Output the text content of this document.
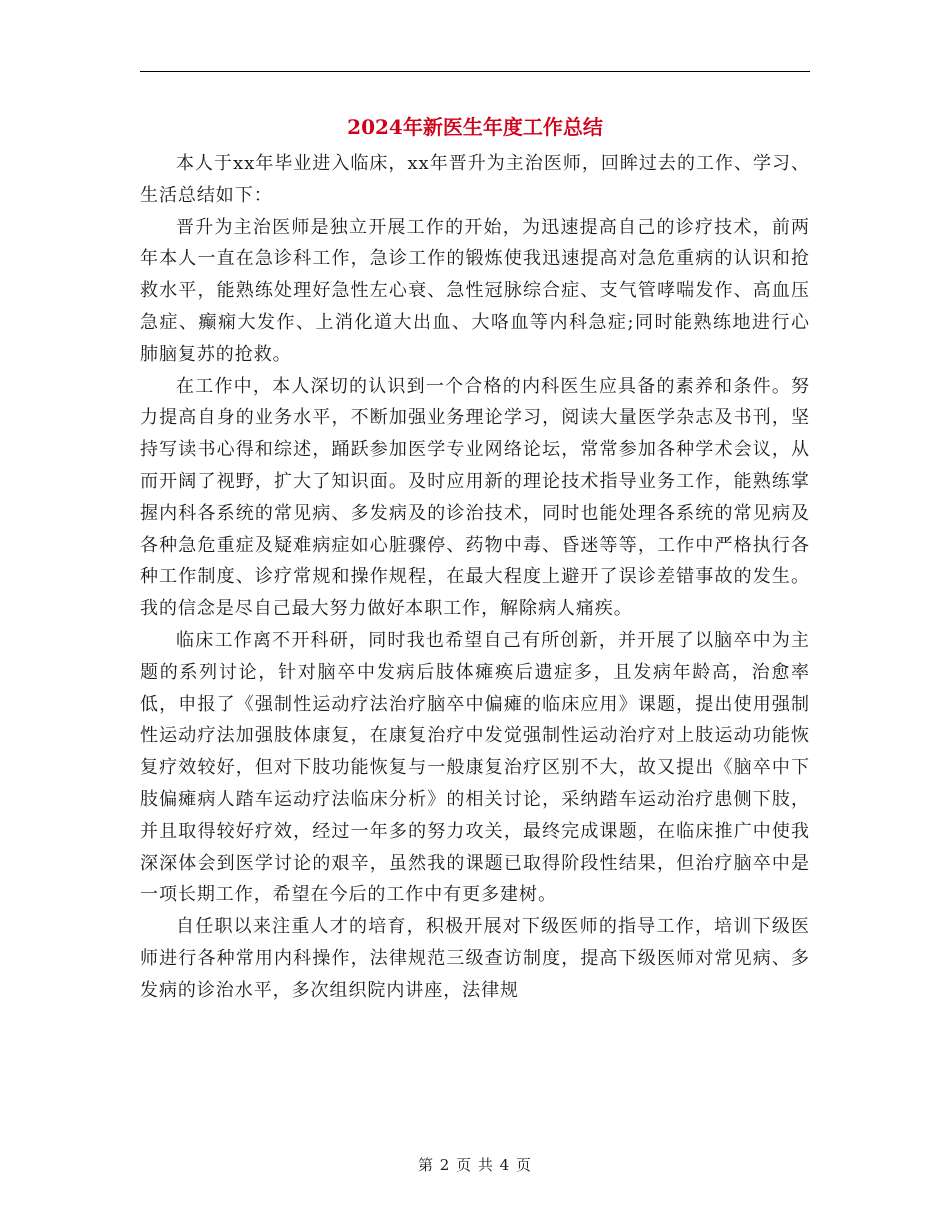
2024年新医生年度工作总结

本人于xx年毕业进入临床，xx年晋升为主治医师，回眸过去的工作、学习、生活总结如下：

晋升为主治医师是独立开展工作的开始，为迅速提高自己的诊疗技术，前两年本人一直在急诊科工作，急诊工作的锻炼使我迅速提高对急危重病的认识和抢救水平，能熟练处理好急性左心衰、急性冠脉综合症、支气管哮喘发作、高血压急症、癫痫大发作、上消化道大出血、大咯血等内科急症;同时能熟练地进行心肺脑复苏的抢救。

在工作中，本人深切的认识到一个合格的内科医生应具备的素养和条件。努力提高自身的业务水平，不断加强业务理论学习，阅读大量医学杂志及书刊，坚持写读书心得和综述，踊跃参加医学专业网络论坛，常常参加各种学术会议，从而开阔了视野，扩大了知识面。及时应用新的理论技术指导业务工作，能熟练掌握内科各系统的常见病、多发病及的诊治技术，同时也能处理各系统的常见病及各种急危重症及疑难病症如心脏骤停、药物中毒、昏迷等等，工作中严格执行各种工作制度、诊疗常规和操作规程，在最大程度上避开了误诊差错事故的发生。我的信念是尽自己最大努力做好本职工作，解除病人痛疾。

临床工作离不开科研，同时我也希望自己有所创新，并开展了以脑卒中为主题的系列讨论，针对脑卒中发病后肢体瘫痪后遗症多，且发病年龄高，治愈率低，申报了《强制性运动疗法治疗脑卒中偏瘫的临床应用》课题，提出使用强制性运动疗法加强肢体康复，在康复治疗中发觉强制性运动治疗对上肢运动功能恢复疗效较好，但对下肢功能恢复与一般康复治疗区别不大，故又提出《脑卒中下肢偏瘫病人踏车运动疗法临床分析》的相关讨论，采纳踏车运动治疗患侧下肢，并且取得较好疗效，经过一年多的努力攻关，最终完成课题，在临床推广中使我深深体会到医学讨论的艰辛，虽然我的课题已取得阶段性结果，但治疗脑卒中是一项长期工作，希望在今后的工作中有更多建树。

自任职以来注重人才的培育，积极开展对下级医师的指导工作，培训下级医师进行各种常用内科操作，法律规范三级查访制度，提高下级医师对常见病、多发病的诊治水平，多次组织院内讲座，法律规

第 2 页 共 4 页
